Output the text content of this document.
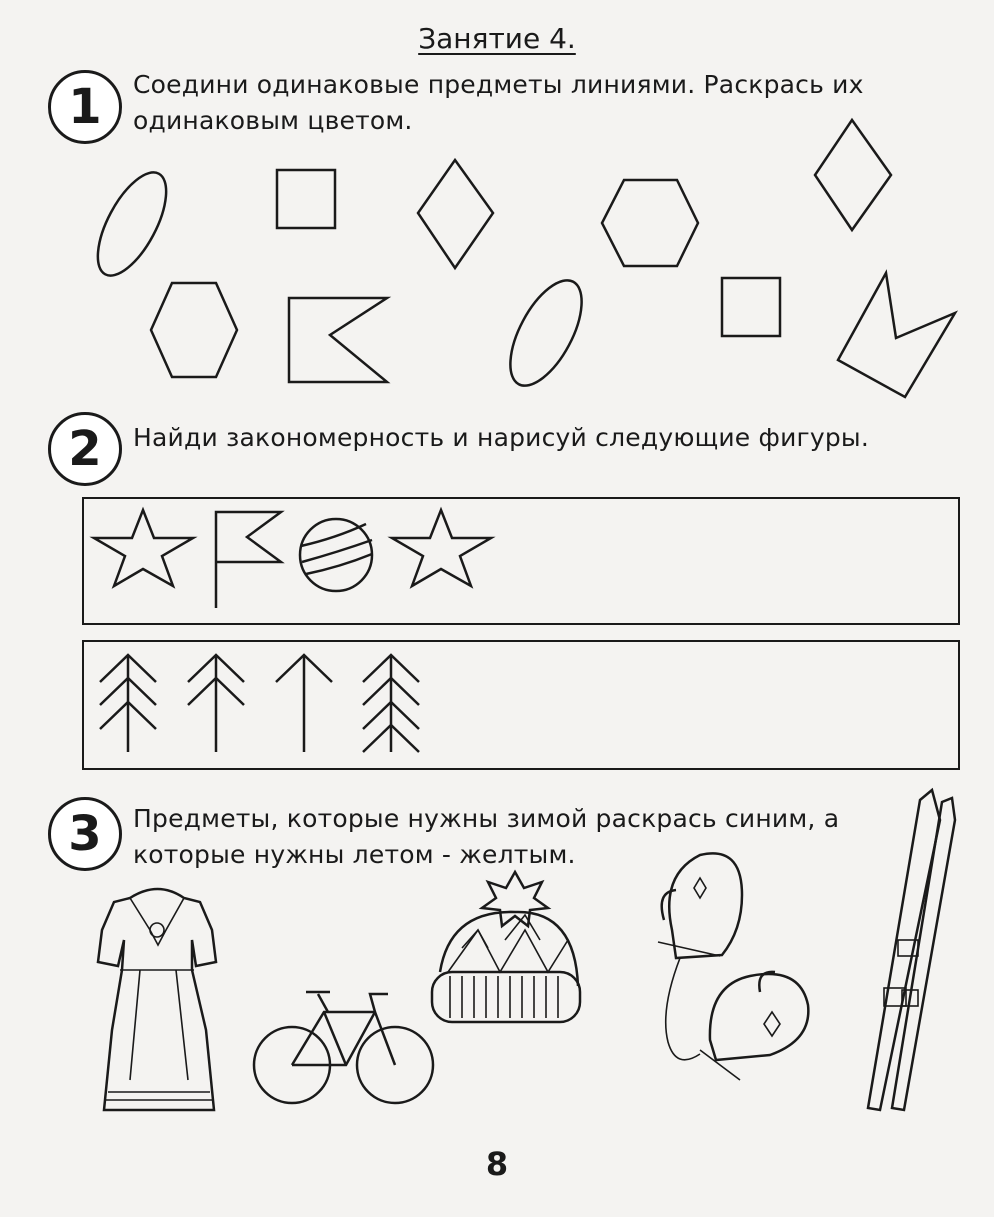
Занятие 4.
1	Соедини одинаковые предметы линиями. Раскрась их
одинаковым цветом.
2	Найди закономерность и нарисуй следующие фигуры.
3	Предметы, которые нужны зимой раскрась синим, а
которые нужны летом - желтым.
8
